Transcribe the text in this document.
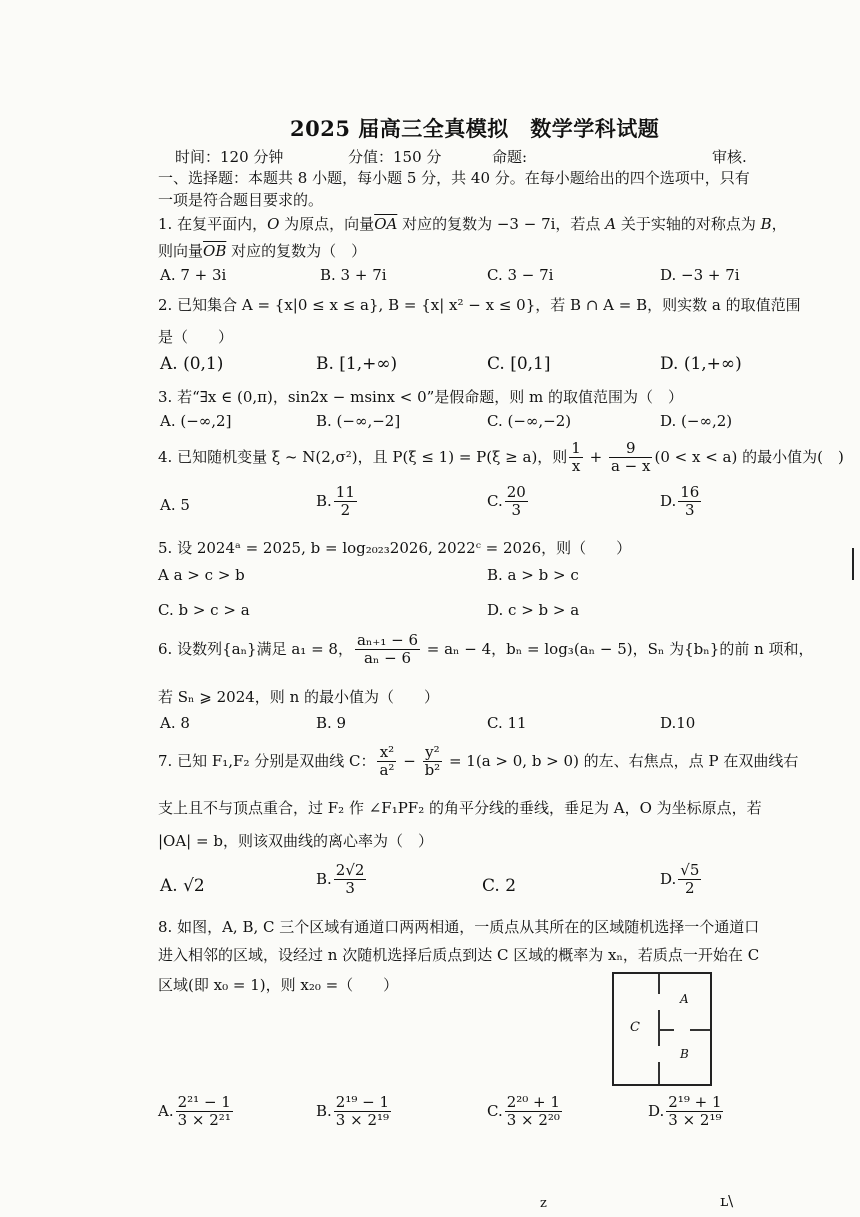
2025 届高三全真模拟　数学学科试题
时间：120 分钟	分值：150 分	命题:	审核.
一、选择题：本题共 8 小题，每小题 5 分，共 40 分。在每小题给出的四个选项中，只有
一项是符合题目要求的。
1. 在复平面内，O 为原点，向量$\overline{OA}$ 对应的复数为 −3 − 7i，若点 A 关于实轴的对称点为 B，
则向量$\overline{OB}$ 对应的复数为（　）
A. 7 + 3i	B. 3 + 7i	C. 3 − 7i	D. −3 + 7i
2. 已知集合 A = {x|0 ≤ x ≤ a}, B = {x| x² − x ≤ 0}，若 B ∩ A = B，则实数 a 的取值范围
是（　　）
A. (0,1)	B. [1,+∞)	C. [0,1]	D. (1,+∞)
3. 若“∃x ∈ (0,π)，sin2x − msinx < 0”是假命题，则 m 的取值范围为（　）
A. (−∞,2]	B. (−∞,−2]	C. (−∞,−2)	D. (−∞,2)
4. 已知随机变量 ξ ~ N(2,σ²)，且 P(ξ ≤ 1) = P(ξ ≥ a)，则 $\frac{1}{x} + \frac{9}{a - x} (0 < x < a)$ 的最小值为(　)
A. 5	B. $\frac{11}{2}$	C. $\frac{20}{3}$	D. $\frac{16}{3}$
5. 设 2024ᵃ = 2025, b = log₂₀₂₃2026, 2022ᶜ = 2026，则（　　）
A a > c > b	B. a > b > c
C. b > c > a	D. c > b > a
6. 设数列{aₙ}满足 a₁ = 8， $\frac{\text{aₙ₊₁ − 6}}{\text{aₙ − 6}} = a_n - 4$，bₙ = log₃(aₙ − 5)，Sₙ 为{bₙ}的前 n 项和，
若 Sₙ ⩾ 2024，则 n 的最小值为（　　）
A. 8	B. 9	C. 11	D.10
7. 已知 F₁,F₂ 分别是双曲线 C： $\frac{\text{x²}}{\text{a²}} - \frac{\text{y²}}{\text{b²}} = 1(a > 0$, b > 0) 的左、右焦点，点 P 在双曲线右
支上且不与顶点重合，过 F₂ 作 ∠F₁PF₂ 的角平分线的垂线，垂足为 A，O 为坐标原点，若
|OA| = b，则该双曲线的离心率为（　）
A. √2	B. $\frac{2√2}{3}$	C. 2	D. $\frac{√5}{2}$
8. 如图，A, B, C 三个区域有通道口两两相通，一质点从其所在的区域随机选择一个通道口
进入相邻的区域，设经过 n 次随机选择后质点到达 C 区域的概率为 xₙ，若质点一开始在 C
区域(即 x₀ = 1)，则 x₂₀ =（　　）
A
B
C
A. $\frac{\text{2²¹ − 1}}{\text{3 × 2²¹}}$	B. $\frac{\text{2¹⁹ − 1}}{\text{3 × 2¹⁹}}$	C. $\frac{\text{2²⁰ + 1}}{\text{3 × 2²⁰}}$	D. $\frac{\text{2¹⁹ + 1}}{\text{3 × 2¹⁹}}$
z	ʟ\
